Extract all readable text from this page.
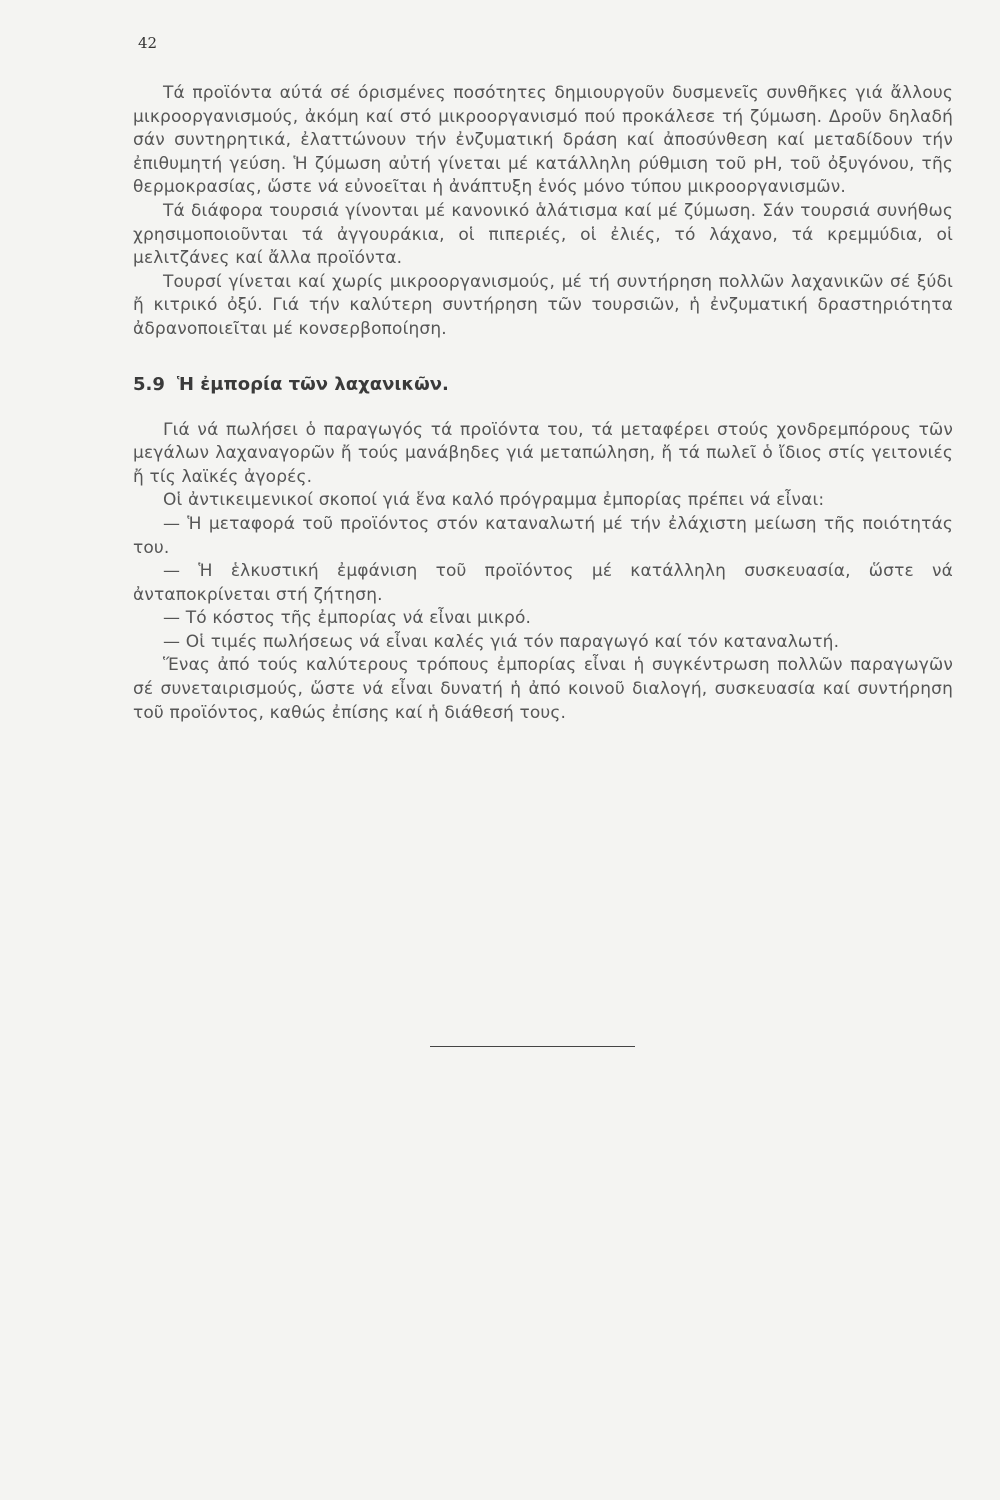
42

Τά προϊόντα αύτά σέ όρισμένες ποσότητες δημιουργοῦν δυσμενεῖς συνθῆκες γιά ἄλλους μικροοργανισμούς, ἀκόμη καί στό μικροοργανισμό πού προκάλεσε τή ζύμωση. Δροῦν δηλαδή σάν συντηρητικά, ἐλαττώνουν τήν ἐνζυματική δράση καί ἀποσύνθεση καί μεταδίδουν τήν ἐπιθυμητή γεύση. Ἡ ζύμωση αὐτή γίνεται μέ κατάλληλη ρύθμιση τοῦ pH, τοῦ ὀξυγόνου, τῆς θερμοκρασίας, ὥστε νά εὐνοεῖται ἡ ἀνάπτυξη ἑνός μόνο τύπου μικροοργανισμῶν.

Τά διάφορα τουρσιά γίνονται μέ κανονικό ἁλάτισμα καί μέ ζύμωση. Σάν τουρσιά συνήθως χρησιμοποιοῦνται τά ἀγγουράκια, οἱ πιπεριές, οἱ ἐλιές, τό λάχανο, τά κρεμμύδια, οἱ μελιτζάνες καί ἄλλα προϊόντα.

Τουρσί γίνεται καί χωρίς μικροοργανισμούς, μέ τή συντήρηση πολλῶν λαχανικῶν σέ ξύδι ἤ κιτρικό ὀξύ. Γιά τήν καλύτερη συντήρηση τῶν τουρσιῶν, ἡ ἐνζυματική δραστηριότητα ἀδρανοποιεῖται μέ κονσερβοποίηση.

5.9 Ἡ ἐμπορία τῶν λαχανικῶν.

Γιά νά πωλήσει ὁ παραγωγός τά προϊόντα του, τά μεταφέρει στούς χονδρεμπόρους τῶν μεγάλων λαχαναγορῶν ἤ τούς μανάβηδες γιά μεταπώληση, ἤ τά πωλεῖ ὁ ἴδιος στίς γειτονιές ἤ τίς λαϊκές ἀγορές.

Οἱ ἀντικειμενικοί σκοποί γιά ἕνα καλό πρόγραμμα ἐμπορίας πρέπει νά εἶναι:

— Ἡ μεταφορά τοῦ προϊόντος στόν καταναλωτή μέ τήν ἐλάχιστη μείωση τῆς ποιότητάς του.

— Ἡ ἑλκυστική ἐμφάνιση τοῦ προϊόντος μέ κατάλληλη συσκευασία, ὥστε νά ἀνταποκρίνεται στή ζήτηση.

— Τό κόστος τῆς ἐμπορίας νά εἶναι μικρό.

— Οἱ τιμές πωλήσεως νά εἶναι καλές γιά τόν παραγωγό καί τόν καταναλωτή.

Ἕνας ἀπό τούς καλύτερους τρόπους ἐμπορίας εἶναι ἡ συγκέντρωση πολλῶν παραγωγῶν σέ συνεταιρισμούς, ὥστε νά εἶναι δυνατή ἡ ἀπό κοινοῦ διαλογή, συσκευασία καί συντήρηση τοῦ προϊόντος, καθώς ἐπίσης καί ἡ διάθεσή τους.
